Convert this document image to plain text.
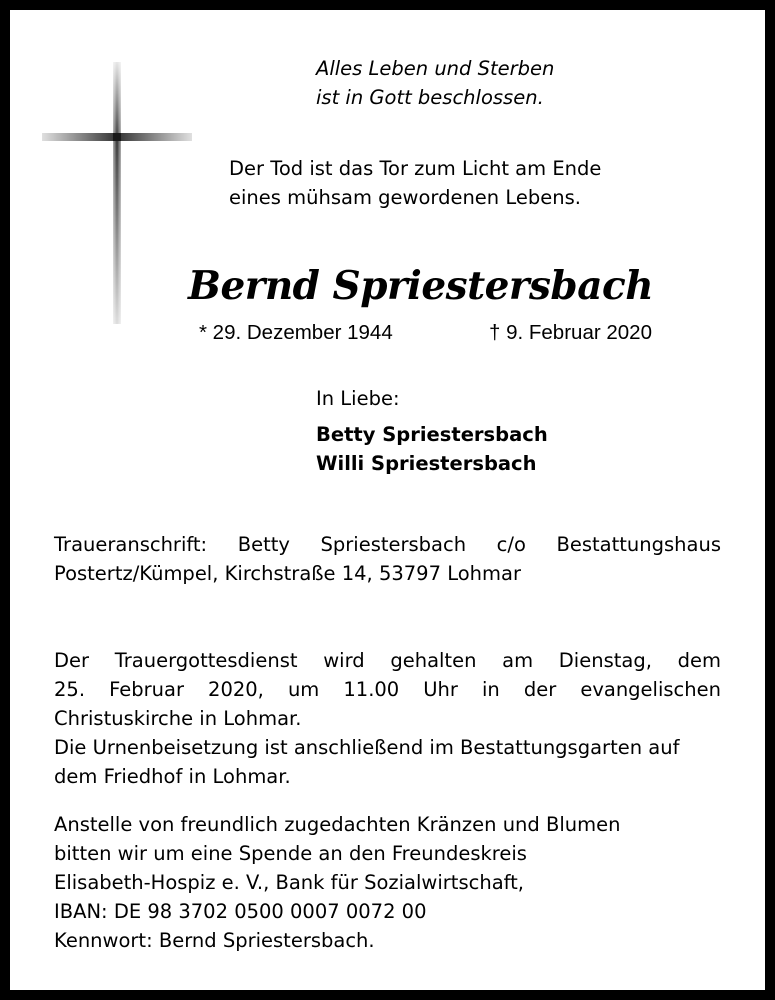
Alles Leben und Sterben
ist in Gott beschlossen.
Der Tod ist das Tor zum Licht am Ende
eines mühsam gewordenen Lebens.
Bernd Spriestersbach
* 29. Dezember 1944	† 9. Februar 2020
In Liebe:
Betty Spriestersbach
Willi Spriestersbach
Traueranschrift: Betty Spriestersbach c/o Bestattungshaus
Postertz/Kümpel, Kirchstraße 14, 53797 Lohmar
Der Trauergottesdienst wird gehalten am Dienstag, dem
25. Februar 2020, um 11.00 Uhr in der evangelischen
Christuskirche in Lohmar.
Die Urnenbeisetzung ist anschließend im Bestattungsgarten auf
dem Friedhof in Lohmar.
Anstelle von freundlich zugedachten Kränzen und Blumen
bitten wir um eine Spende an den Freundeskreis
Elisabeth-Hospiz e. V., Bank für Sozialwirtschaft,
IBAN: DE 98 3702 0500 0007 0072 00
Kennwort: Bernd Spriestersbach.
